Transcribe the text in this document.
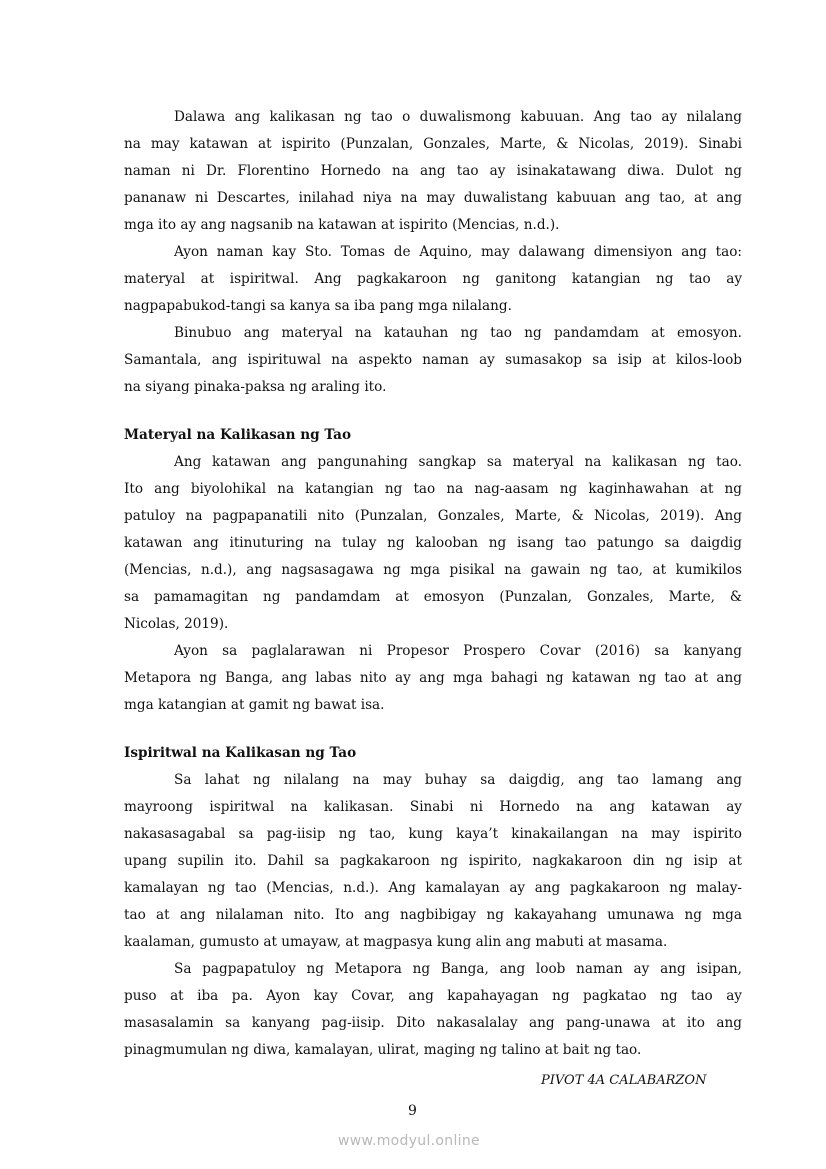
Dalawa ang kalikasan ng tao o duwalismong kabuuan. Ang tao ay nilalang
na may katawan at ispirito (Punzalan, Gonzales, Marte, & Nicolas, 2019). Sinabi
naman ni Dr. Florentino Hornedo na ang tao ay isinakatawang diwa. Dulot ng
pananaw ni Descartes, inilahad niya na may duwalistang kabuuan ang tao, at ang
mga ito ay ang nagsanib na katawan at ispirito (Mencias, n.d.).
Ayon naman kay Sto. Tomas de Aquino, may dalawang dimensiyon ang tao:
materyal at ispiritwal. Ang pagkakaroon ng ganitong katangian ng tao ay
nagpapabukod-tangi sa kanya sa iba pang mga nilalang.
Binubuo ang materyal na katauhan ng tao ng pandamdam at emosyon.
Samantala, ang ispirituwal na aspekto naman ay sumasakop sa isip at kilos-loob
na siyang pinaka-paksa ng araling ito.
Materyal na Kalikasan ng Tao
Ang katawan ang pangunahing sangkap sa materyal na kalikasan ng tao.
Ito ang biyolohikal na katangian ng tao na nag-aasam ng kaginhawahan at ng
patuloy na pagpapanatili nito (Punzalan, Gonzales, Marte, & Nicolas, 2019). Ang
katawan ang itinuturing na tulay ng kalooban ng isang tao patungo sa daigdig
(Mencias, n.d.), ang nagsasagawa ng mga pisikal na gawain ng tao, at kumikilos
sa pamamagitan ng pandamdam at emosyon (Punzalan, Gonzales, Marte, &
Nicolas, 2019).
Ayon sa paglalarawan ni Propesor Prospero Covar (2016) sa kanyang
Metapora ng Banga, ang labas nito ay ang mga bahagi ng katawan ng tao at ang
mga katangian at gamit ng bawat isa.
Ispiritwal na Kalikasan ng Tao
Sa lahat ng nilalang na may buhay sa daigdig, ang tao lamang ang
mayroong ispiritwal na kalikasan. Sinabi ni Hornedo na ang katawan ay
nakasasagabal sa pag-iisip ng tao, kung kaya’t kinakailangan na may ispirito
upang supilin ito. Dahil sa pagkakaroon ng ispirito, nagkakaroon din ng isip at
kamalayan ng tao (Mencias, n.d.). Ang kamalayan ay ang pagkakaroon ng malay-
tao at ang nilalaman nito. Ito ang nagbibigay ng kakayahang umunawa ng mga
kaalaman, gumusto at umayaw, at magpasya kung alin ang mabuti at masama.
Sa pagpapatuloy ng Metapora ng Banga, ang loob naman ay ang isipan,
puso at iba pa. Ayon kay Covar, ang kapahayagan ng pagkatao ng tao ay
masasalamin sa kanyang pag-iisip. Dito nakasalalay ang pang-unawa at ito ang
pinagmumulan ng diwa, kamalayan, ulirat, maging ng talino at bait ng tao.
PIVOT 4A CALABARZON
9
www.modyul.online
